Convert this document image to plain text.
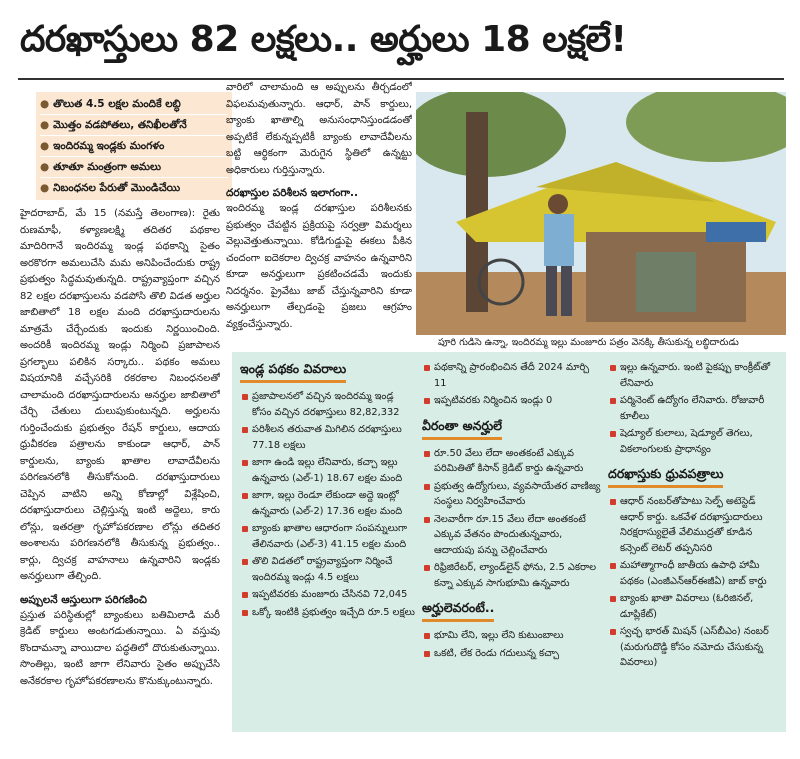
దరఖాస్తులు 82 లక్షలు.. అర్హులు 18 లక్షలే!
● తొలుత 4.5 లక్షల మందికే లబ్ధి
● మొత్తం వడపోతలు, తనిఖీలతోనే
● ఇందిరమ్మ ఇండ్లకు మంగళం
● తూతూ మంత్రంగా అమలు
● నిబంధనల పేరుతో మొండిచేయి

హైదరాబాద్, మే 15 (నమస్తే తెలంగాణ): రైతు రుణమాఫీ, కళ్యాణలక్ష్మి తదితర పథకాల మాదిరిగానే ఇందిరమ్మ ఇండ్ల పథకాన్ని సైతం అరకొరగా అమలుచేసి మమ అనిపించేందుకు రాష్ట్ర ప్రభుత్వం సిద్ధమవుతున్నది. రాష్ట్రవ్యాప్తంగా వచ్చిన 82 లక్షల దరఖాస్తులను వడపోసి తొలి విడత అర్హుల జాబితాలో 18 లక్షల మంది దరఖాస్తుదారులను మాత్రమే చేర్చేందుకు ఇందుకు నిర్ణయించింది. అందరికీ ఇందిరమ్మ ఇండ్లు నిర్మించి ప్రజాపాలన ప్రగల్భాలు పలికిన సర్కారు.. పథకం అమలు విషయానికి వచ్చేసరికి రకరకాల నిబంధనలతో చాలామంది దరఖాస్తుదారులను అనర్హుల జాబితాలో చేర్చి చేతులు దులుపుకుంటున్నది. అర్హులను గుర్తించేందుకు ప్రభుత్వం రేషన్ కార్డులు, ఆదాయ ధ్రువీకరణ పత్రాలను కాకుండా ఆధార్, పాన్ కార్డులను, బ్యాంకు ఖాతాల లావాదేవీలను పరిగణనలోకి తీసుకోనుంది. దరఖాస్తుదారులు చెప్పిన వాటిని అన్ని కోణాల్లో విశ్లేషించి, దరఖాస్తుదారులు చెల్లిస్తున్న ఇంటి అద్దెలు, కారు లోన్లు, ఇతరత్రా గృహోపకరణాల లోన్లు తదితర అంశాలను పరిగణనలోకి తీసుకున్న ప్రభుత్వం.. కార్లు, ద్విచక్ర వాహనాలు ఉన్నవారిని ఇండ్లకు అనర్హులుగా తేల్చింది.

అప్పులనే ఆస్తులుగా పరిగణించి

ప్రస్తుత పరిస్థితుల్లో బ్యాంకులు బతిమిలాడి మరీ క్రెడిట్ కార్డులు అంటగడుతున్నాయి. ఏ వస్తువు కొందామన్నా వాయిదాల పద్ధతిలో దొరుకుతున్నాయి. సొంతిల్లు, ఇంటి జాగా లేనివారు సైతం అప్పుచేసి అనేకరకాల గృహోపకరణాలను కొనుక్కుంటున్నారు.

వారిలో చాలామంది ఆ అప్పులను తీర్చడంలో విఫలమవుతున్నారు. ఆధార్, పాన్ కార్డులు, బ్యాంకు ఖాతాల్ని అనుసంధానిస్తుండడంతో అప్పటికే లేకున్నప్పటికీ బ్యాంకు లావాదేవీలను బట్టి ఆర్థికంగా మెరుగైన స్థితిలో ఉన్నట్టు అధికారులు గుర్తిస్తున్నారు.

దరఖాస్తుల పరిశీలన ఇలాగంగా..

ఇందిరమ్మ ఇండ్ల దరఖాస్తుల పరిశీలనకు ప్రభుత్వం చేపట్టిన ప్రక్రియపై సర్వత్రా విమర్శలు వెల్లువెత్తుతున్నాయి. కోడిగుడ్డుపై ఈకలు పీకిన చందంగా ఐదెకరాల ద్విచక్ర వాహనం ఉన్నవారిని కూడా అనర్హులుగా ప్రకటించడమే ఇందుకు నిదర్శనం. ప్రైవేటు జాబ్ చేస్తున్నవారిని కూడా అనర్హులుగా తేల్చడంపై ప్రజలు ఆగ్రహం వ్యక్తంచేస్తున్నారు.

పూరి గుడిసె ఉన్నా, ఇందిరమ్మ ఇల్లు మంజూరు పత్రం వెనక్కి తీసుకున్న లబ్ధిదారుడు
ఇండ్ల పథకం వివరాలు
ప్రజాపాలనలో వచ్చిన ఇందిరమ్మ ఇండ్ల కోసం వచ్చిన దరఖాస్తులు 82,82,332
పరిశీలన తరువాత మిగిలిన దరఖాస్తులు 77.18 లక్షలు
జాగా ఉండి ఇల్లు లేనివారు, కచ్చా ఇల్లు ఉన్నవారు (ఎల్-1) 18.67 లక్షల మంది
జాగా, ఇల్లు రెండూ లేకుండా అద్దె ఇంట్లో ఉన్నవారు (ఎల్-2) 17.36 లక్షల మంది
బ్యాంకు ఖాతాల ఆధారంగా సంపన్నులుగా తేలినవారు (ఎల్-3) 41.15 లక్షల మంది
తొలి విడతలో రాష్ట్రవ్యాప్తంగా నిర్మించే ఇందిరమ్మ ఇండ్లు 4.5 లక్షలు
ఇప్పటివరకు మంజూరు చేసినవి 72,045
ఒక్కో ఇంటికి ప్రభుత్వం ఇచ్చేది రూ.5 లక్షలు
పథకాన్ని ప్రారంభించిన తేదీ 2024 మార్చి 11
ఇప్పటివరకు నిర్మించిన ఇండ్లు 0
వీరంతా అనర్హులే
రూ.50 వేలు లేదా అంతకంటే ఎక్కువ పరిమితితో కిసాన్ క్రెడిట్ కార్డు ఉన్నవారు
ప్రభుత్వ ఉద్యోగులు, వ్యవసాయేతర వాణిజ్య సంస్థలు నిర్వహించేవారు
నెలవారీగా రూ.15 వేలు లేదా అంతకంటే ఎక్కువ వేతనం పొందుతున్నవారు, ఆదాయపు పన్ను చెల్లించేవారు
రిఫ్రిజిరేటర్, ల్యాండ్‌లైన్ ఫోను, 2.5 ఎకరాల కన్నా ఎక్కువ సాగుభూమి ఉన్నవారు
అర్హులెవరంటే..
భూమి లేని, ఇల్లు లేని కుటుంబాలు
ఒకటి, లేక రెండు గదులున్న కచ్చా
ఇల్లు ఉన్నవారు. ఇంటి పైకప్పు కాంక్రీట్‌తో లేనివారు
పర్మినెంట్ ఉద్యోగం లేనివారు. రోజువారీ కూలీలు
షెడ్యూల్ కులాలు, షెడ్యూల్ తెగలు, వికలాంగులకు ప్రాధాన్యం
దరఖాస్తుకు ధ్రువపత్రాలు
ఆధార్ నంబర్‌తోపాటు సెల్ఫ్ అటెస్టెడ్ ఆధార్ కార్డు. ఒకవేళ దరఖాస్తుదారులు నిరక్షరాస్యులైతే వేలిముద్రతో కూడిన కన్సెంట్ లెటర్ తప్పనిసరి
మహాత్మాగాంధీ జాతీయ ఉపాధి హామీ పథకం (ఎంజీఎన్ఆర్ఈజీఏ) జాబ్ కార్డు
బ్యాంకు ఖాతా వివరాలు (ఓరిజినల్, డూప్లికేట్)
స్వచ్ఛ భారత్ మిషన్ (ఎస్‌బీఎం) నంబర్ (మరుగుదొడ్డి కోసం నమోదు చేసుకున్న వివరాలు)
